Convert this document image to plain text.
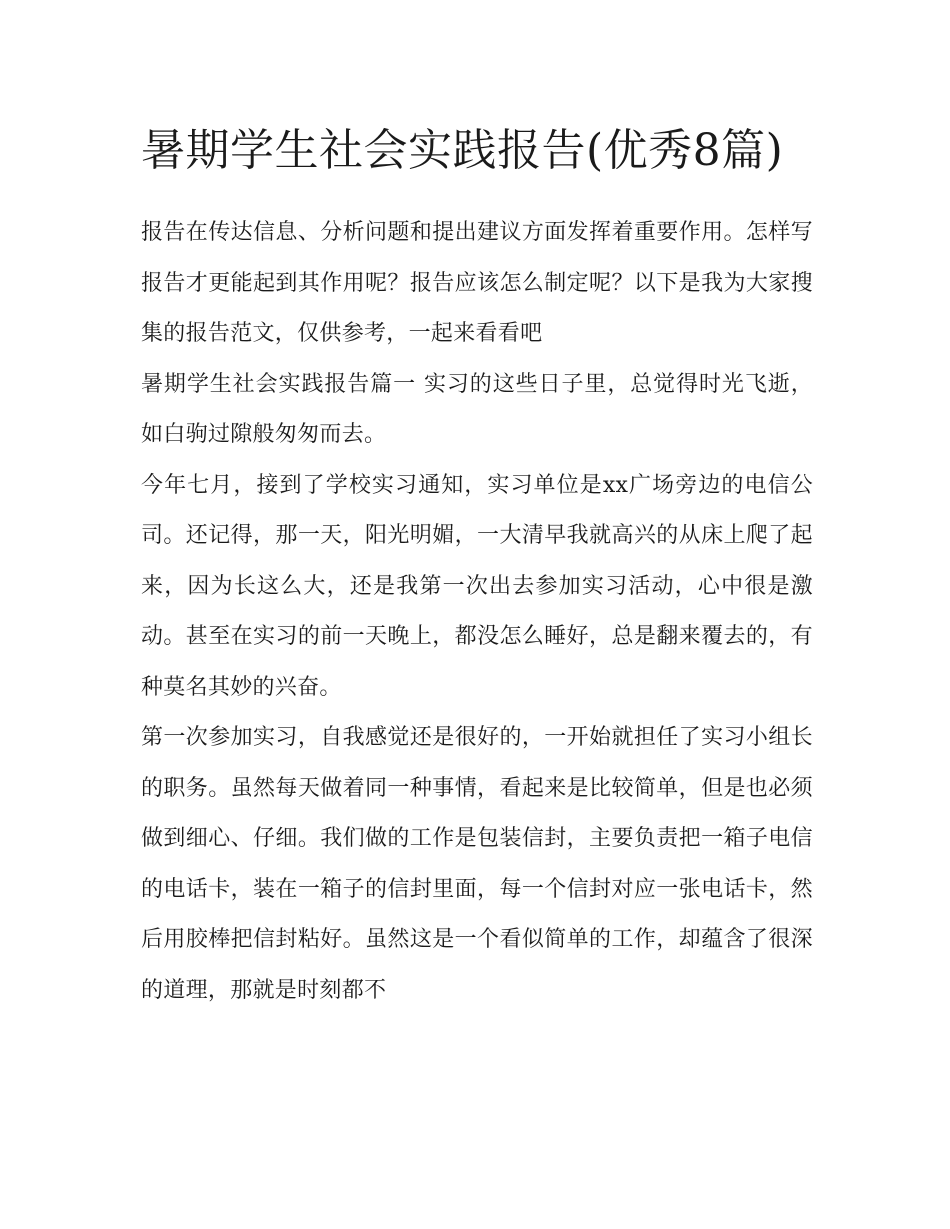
暑期学生社会实践报告(优秀8篇)

报告在传达信息、分析问题和提出建议方面发挥着重要作用。怎样写报告才更能起到其作用呢？报告应该怎么制定呢？以下是我为大家搜集的报告范文，仅供参考，一起来看看吧

暑期学生社会实践报告篇一 实习的这些日子里，总觉得时光飞逝，如白驹过隙般匆匆而去。

今年七月，接到了学校实习通知，实习单位是xx广场旁边的电信公司。还记得，那一天，阳光明媚，一大清早我就高兴的从床上爬了起来，因为长这么大，还是我第一次出去参加实习活动，心中很是激动。甚至在实习的前一天晚上，都没怎么睡好，总是翻来覆去的，有种莫名其妙的兴奋。

第一次参加实习，自我感觉还是很好的，一开始就担任了实习小组长的职务。虽然每天做着同一种事情，看起来是比较简单，但是也必须做到细心、仔细。我们做的工作是包装信封，主要负责把一箱子电信的电话卡，装在一箱子的信封里面，每一个信封对应一张电话卡，然后用胶棒把信封粘好。虽然这是一个看似简单的工作，却蕴含了很深的道理，那就是时刻都不
